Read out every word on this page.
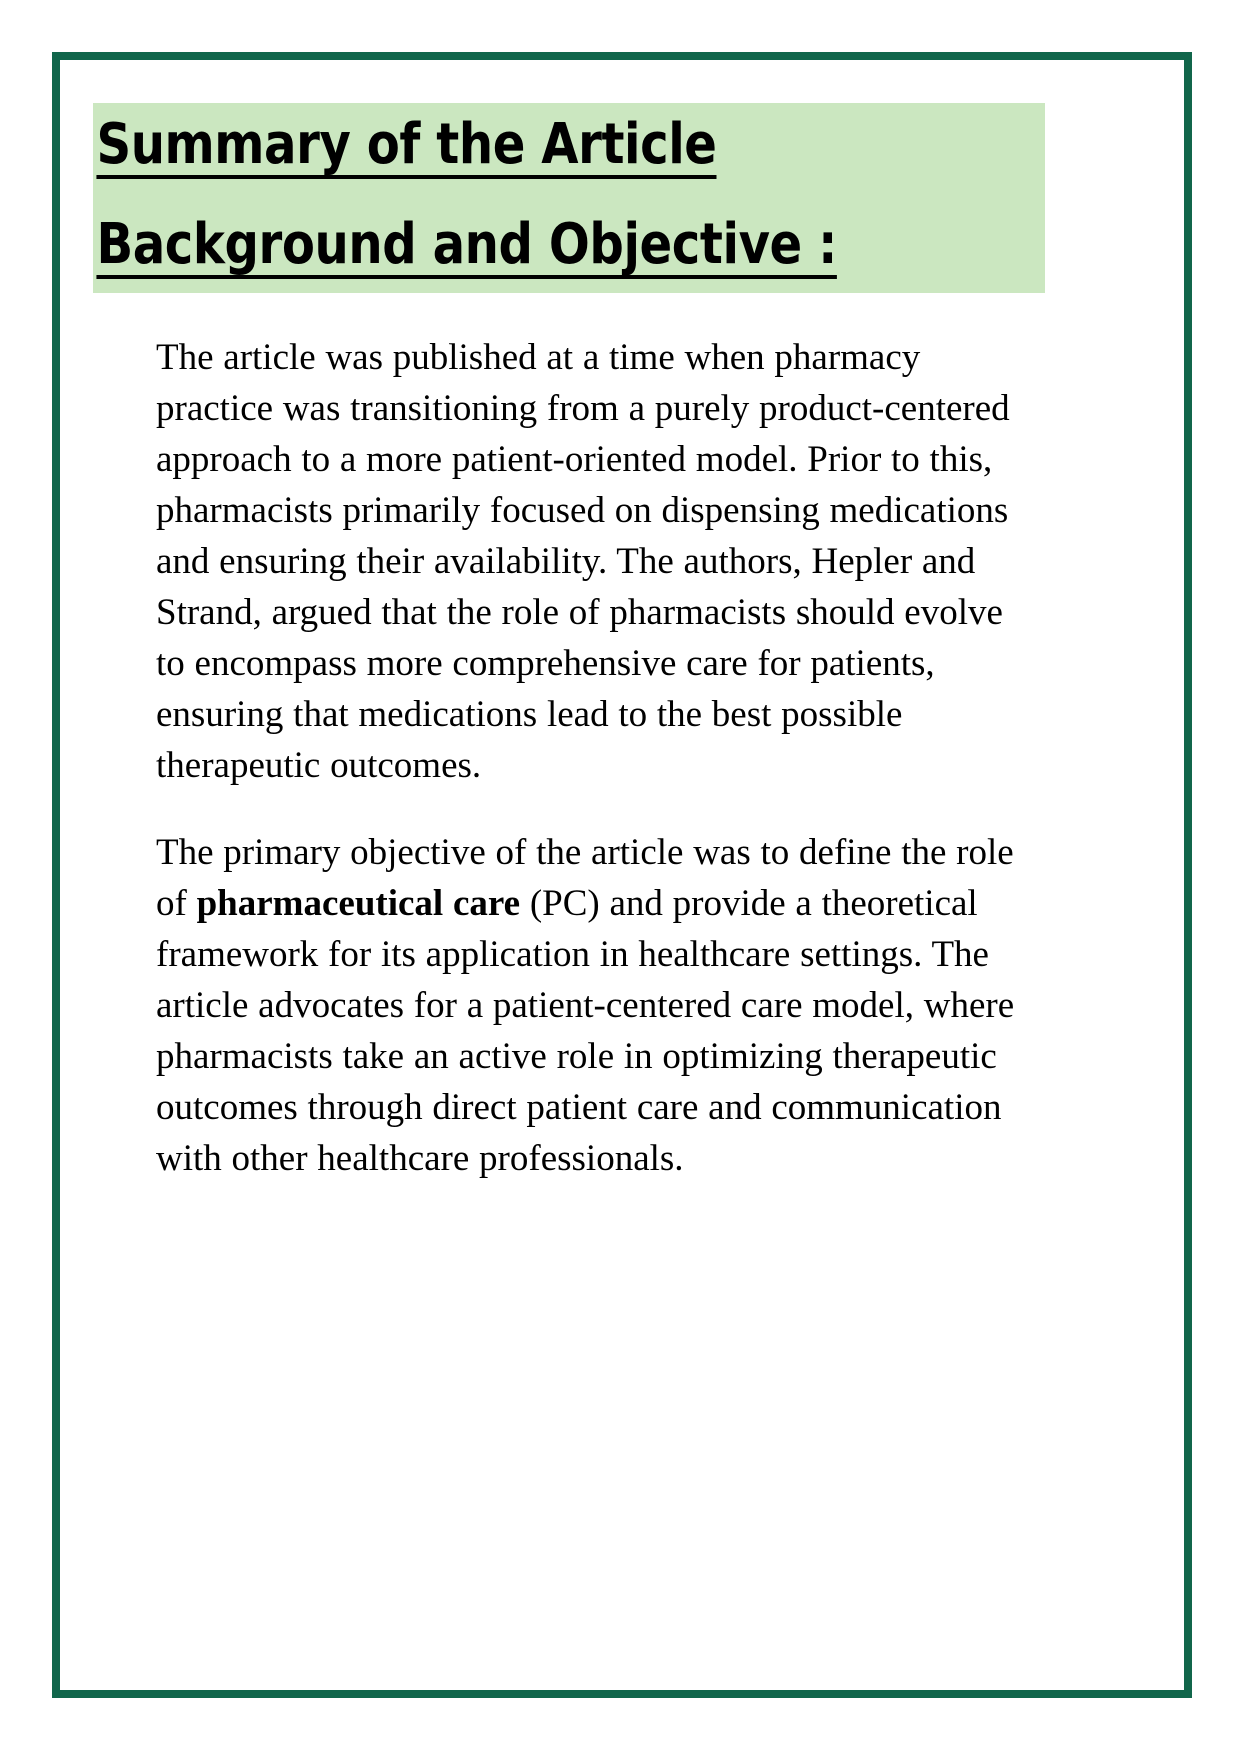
Summary of the Article
Background and Objective :

The article was published at a time when pharmacy practice was transitioning from a purely product-centered approach to a more patient-oriented model. Prior to this, pharmacists primarily focused on dispensing medications and ensuring their availability. The authors, Hepler and Strand, argued that the role of pharmacists should evolve to encompass more comprehensive care for patients, ensuring that medications lead to the best possible therapeutic outcomes.

The primary objective of the article was to define the role of pharmaceutical care (PC) and provide a theoretical framework for its application in healthcare settings. The article advocates for a patient-centered care model, where pharmacists take an active role in optimizing therapeutic outcomes through direct patient care and communication with other healthcare professionals.
